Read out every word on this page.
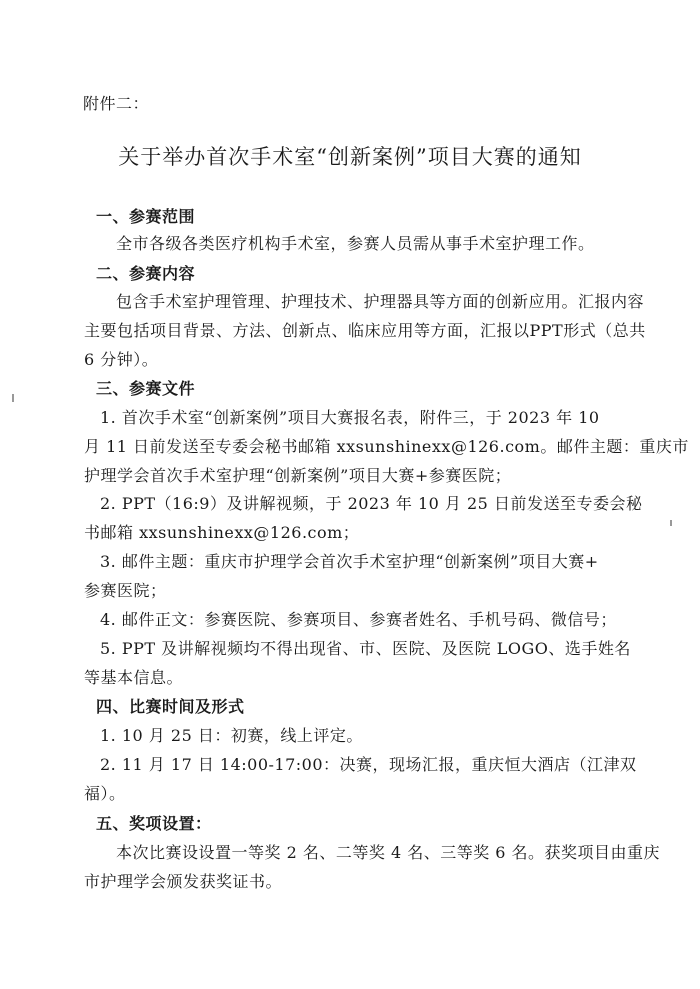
附件二：
关于举办首次手术室“创新案例”项目大赛的通知
一、参赛范围
全市各级各类医疗机构手术室，参赛人员需从事手术室护理工作。
二、参赛内容
包含手术室护理管理、护理技术、护理器具等方面的创新应用。汇报内容
主要包括项目背景、方法、创新点、临床应用等方面，汇报以PPT形式（总共
6 分钟）。
三、参赛文件
1. 首次手术室“创新案例”项目大赛报名表，附件三，于 2023 年 10
月 11 日前发送至专委会秘书邮箱 xxsunshinexx@126.com。邮件主题：重庆市
护理学会首次手术室护理“创新案例”项目大赛+参赛医院；
2. PPT（16:9）及讲解视频，于 2023 年 10 月 25 日前发送至专委会秘
书邮箱 xxsunshinexx@126.com；
3. 邮件主题：重庆市护理学会首次手术室护理“创新案例”项目大赛+
参赛医院；
4. 邮件正文：参赛医院、参赛项目、参赛者姓名、手机号码、微信号；
5. PPT 及讲解视频均不得出现省、市、医院、及医院 LOGO、选手姓名
等基本信息。
四、比赛时间及形式
1. 10 月 25 日：初赛，线上评定。
2. 11 月 17 日 14:00-17:00：决赛，现场汇报，重庆恒大酒店（江津双
福）。
五、奖项设置：
本次比赛设设置一等奖 2 名、二等奖 4 名、三等奖 6 名。获奖项目由重庆
市护理学会颁发获奖证书。
